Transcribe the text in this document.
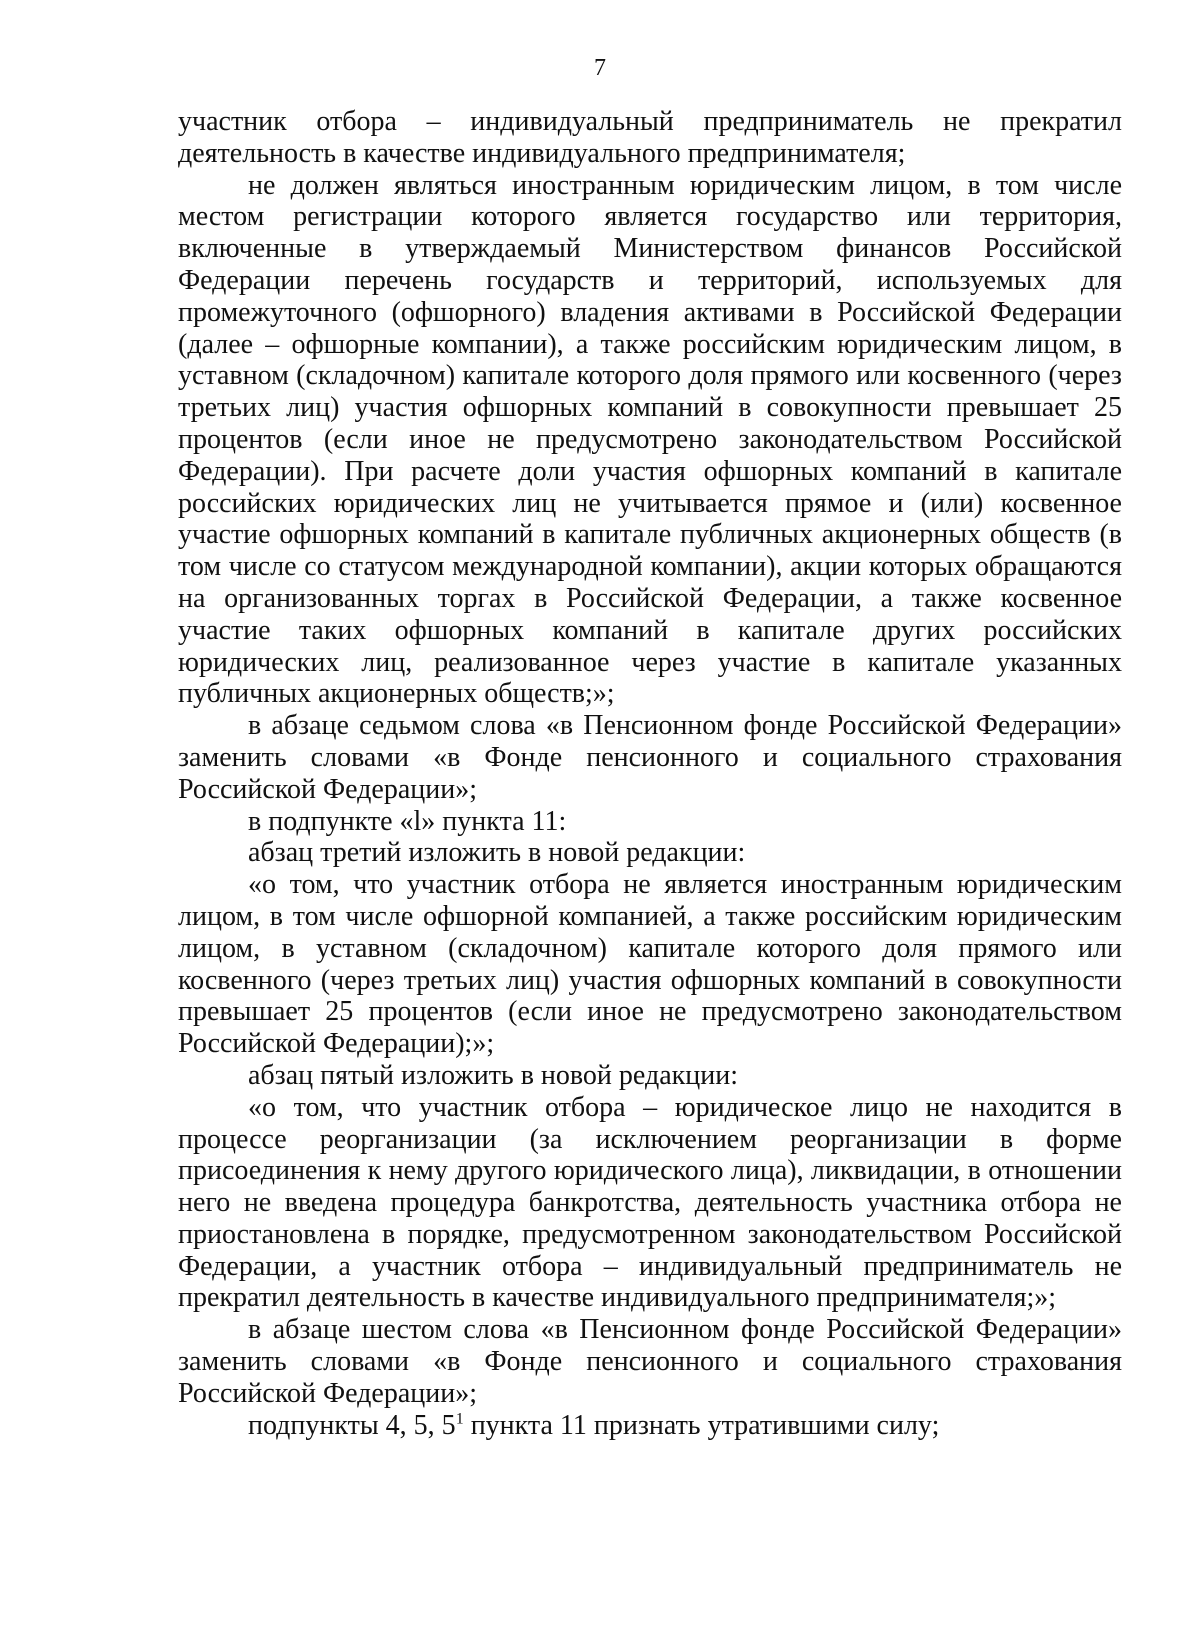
7

участник отбора – индивидуальный предприниматель не прекратил деятельность в качестве индивидуального предпринимателя;

не должен являться иностранным юридическим лицом, в том числе местом регистрации которого является государство или территория, включенные в утверждаемый Министерством финансов Российской Федерации перечень государств и территорий, используемых для промежуточного (офшорного) владения активами в Российской Федерации (далее – офшорные компании), а также российским юридическим лицом, в уставном (складочном) капитале которого доля прямого или косвенного (через третьих лиц) участия офшорных компаний в совокупности превышает 25 процентов (если иное не предусмотрено законодательством Российской Федерации). При расчете доли участия офшорных компаний в капитале российских юридических лиц не учитывается прямое и (или) косвенное участие офшорных компаний в капитале публичных акционерных обществ (в том числе со статусом международной компании), акции которых обращаются на организованных торгах в Российской Федерации, а также косвенное участие таких офшорных компаний в капитале других российских юридических лиц, реализованное через участие в капитале указанных публичных акционерных обществ;»;

в абзаце седьмом слова «в Пенсионном фонде Российской Федерации» заменить словами «в Фонде пенсионного и социального страхования Российской Федерации»;

в подпункте «l» пункта 11:

абзац третий изложить в новой редакции:

«о том, что участник отбора не является иностранным юридическим лицом, в том числе офшорной компанией, а также российским юридическим лицом, в уставном (складочном) капитале которого доля прямого или косвенного (через третьих лиц) участия офшорных компаний в совокупности превышает 25 процентов (если иное не предусмотрено законодательством Российской Федерации);»;

абзац пятый изложить в новой редакции:

«о том, что участник отбора – юридическое лицо не находится в процессе реорганизации (за исключением реорганизации в форме присоединения к нему другого юридического лица), ликвидации, в отношении него не введена процедура банкротства, деятельность участника отбора не приостановлена в порядке, предусмотренном законодательством Российской Федерации, а участник отбора – индивидуальный предприниматель не прекратил деятельность в качестве индивидуального предпринимателя;»;

в абзаце шестом слова «в Пенсионном фонде Российской Федерации» заменить словами «в Фонде пенсионного и социального страхования Российской Федерации»;

подпункты 4, 5, $5^1$ пункта 11 признать утратившими силу;
